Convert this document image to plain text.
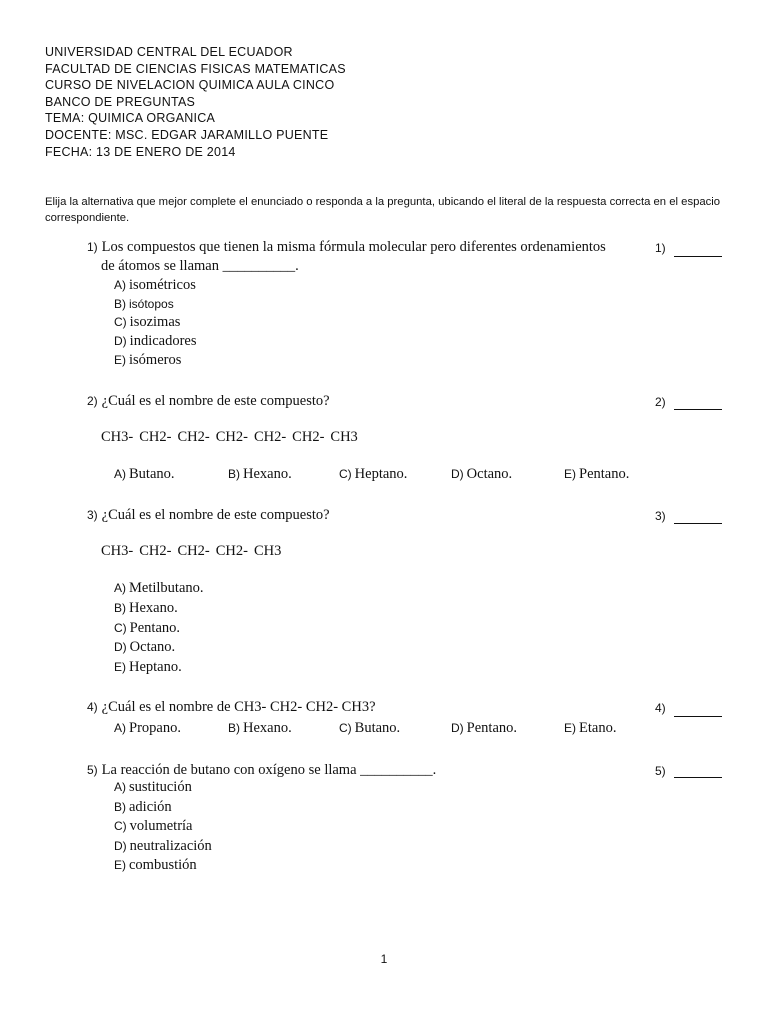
UNIVERSIDAD CENTRAL DEL ECUADOR
FACULTAD DE CIENCIAS FISICAS MATEMATICAS
CURSO DE NIVELACION QUIMICA AULA CINCO
BANCO DE PREGUNTAS
TEMA: QUIMICA ORGANICA
DOCENTE: MSC. EDGAR JARAMILLO PUENTE
FECHA: 13 DE ENERO DE 2014
Elija la alternativa que mejor complete el enunciado o responda a la pregunta, ubicando el literal de la respuesta correcta en el espacio correspondiente.
1) Los compuestos que tienen la misma fórmula molecular pero diferentes ordenamientos
de átomos se llaman __________.
1)
A) isométricos
B) isótopos
C) isozimas
D) indicadores
E) isómeros
2) ¿Cuál es el nombre de este compuesto?	2)
CH3- CH2- CH2- CH2- CH2- CH2- CH3
A) Butano.	B) Hexano.	C) Heptano.	D) Octano.	E) Pentano.
3) ¿Cuál es el nombre de este compuesto?	3)
CH3- CH2- CH2- CH2- CH3
A) Metilbutano.
B) Hexano.
C) Pentano.
D) Octano.
E) Heptano.
4) ¿Cuál es el nombre de CH3- CH2- CH2- CH3?	4)
A) Propano.	B) Hexano.	C) Butano.	D) Pentano.	E) Etano.
5) La reacción de butano con oxígeno se llama __________.	5)
A) sustitución
B) adición
C) volumetría
D) neutralización
E) combustión
1
